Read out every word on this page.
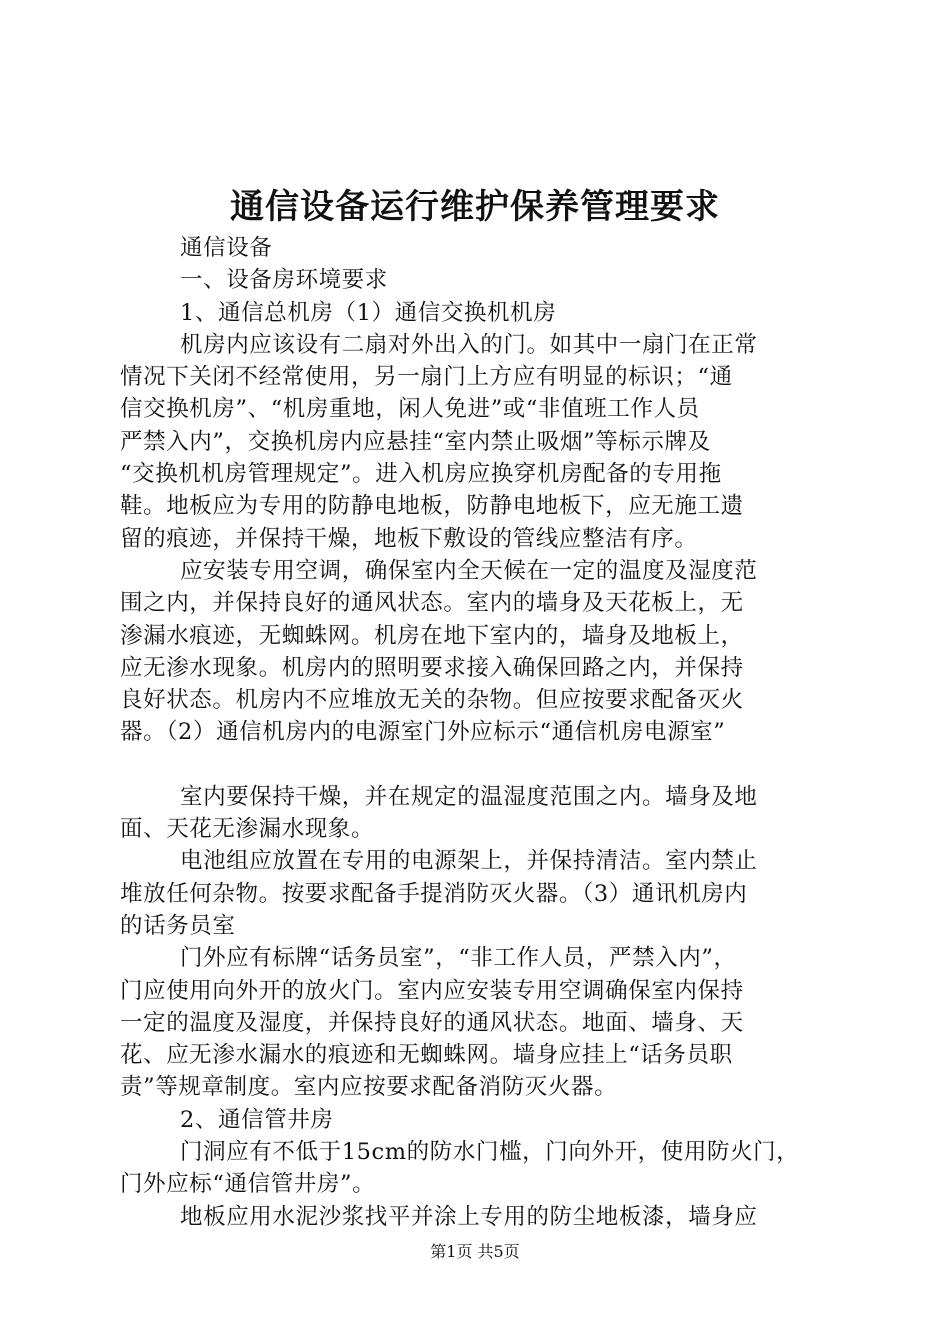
通信设备运行维护保养管理要求
通信设备
一、设备房环境要求
1、通信总机房（1）通信交换机机房
机房内应该设有二扇对外出入的门。如其中一扇门在正常
情况下关闭不经常使用，另一扇门上方应有明显的标识；“通
信交换机房”、“机房重地，闲人免进”或“非值班工作人员
严禁入内”，交换机房内应悬挂“室内禁止吸烟”等标示牌及
“交换机机房管理规定”。进入机房应换穿机房配备的专用拖
鞋。地板应为专用的防静电地板，防静电地板下，应无施工遗
留的痕迹，并保持干燥，地板下敷设的管线应整洁有序。
应安装专用空调，确保室内全天候在一定的温度及湿度范
围之内，并保持良好的通风状态。室内的墙身及天花板上，无
渗漏水痕迹，无蜘蛛网。机房在地下室内的，墙身及地板上，
应无渗水现象。机房内的照明要求接入确保回路之内，并保持
良好状态。机房内不应堆放无关的杂物。但应按要求配备灭火
器。（2）通信机房内的电源室门外应标示“通信机房电源室”
室内要保持干燥，并在规定的温湿度范围之内。墙身及地
面、天花无渗漏水现象。
电池组应放置在专用的电源架上，并保持清洁。室内禁止
堆放任何杂物。按要求配备手提消防灭火器。（3）通讯机房内
的话务员室
门外应有标牌“话务员室”，“非工作人员，严禁入内”，
门应使用向外开的放火门。室内应安装专用空调确保室内保持
一定的温度及湿度，并保持良好的通风状态。地面、墙身、天
花、应无渗水漏水的痕迹和无蜘蛛网。墙身应挂上“话务员职
责”等规章制度。室内应按要求配备消防灭火器。
2、通信管井房
门洞应有不低于15cm的防水门槛，门向外开，使用防火门，
门外应标“通信管井房”。
地板应用水泥沙浆找平并涂上专用的防尘地板漆，墙身应
第1页 共5页
